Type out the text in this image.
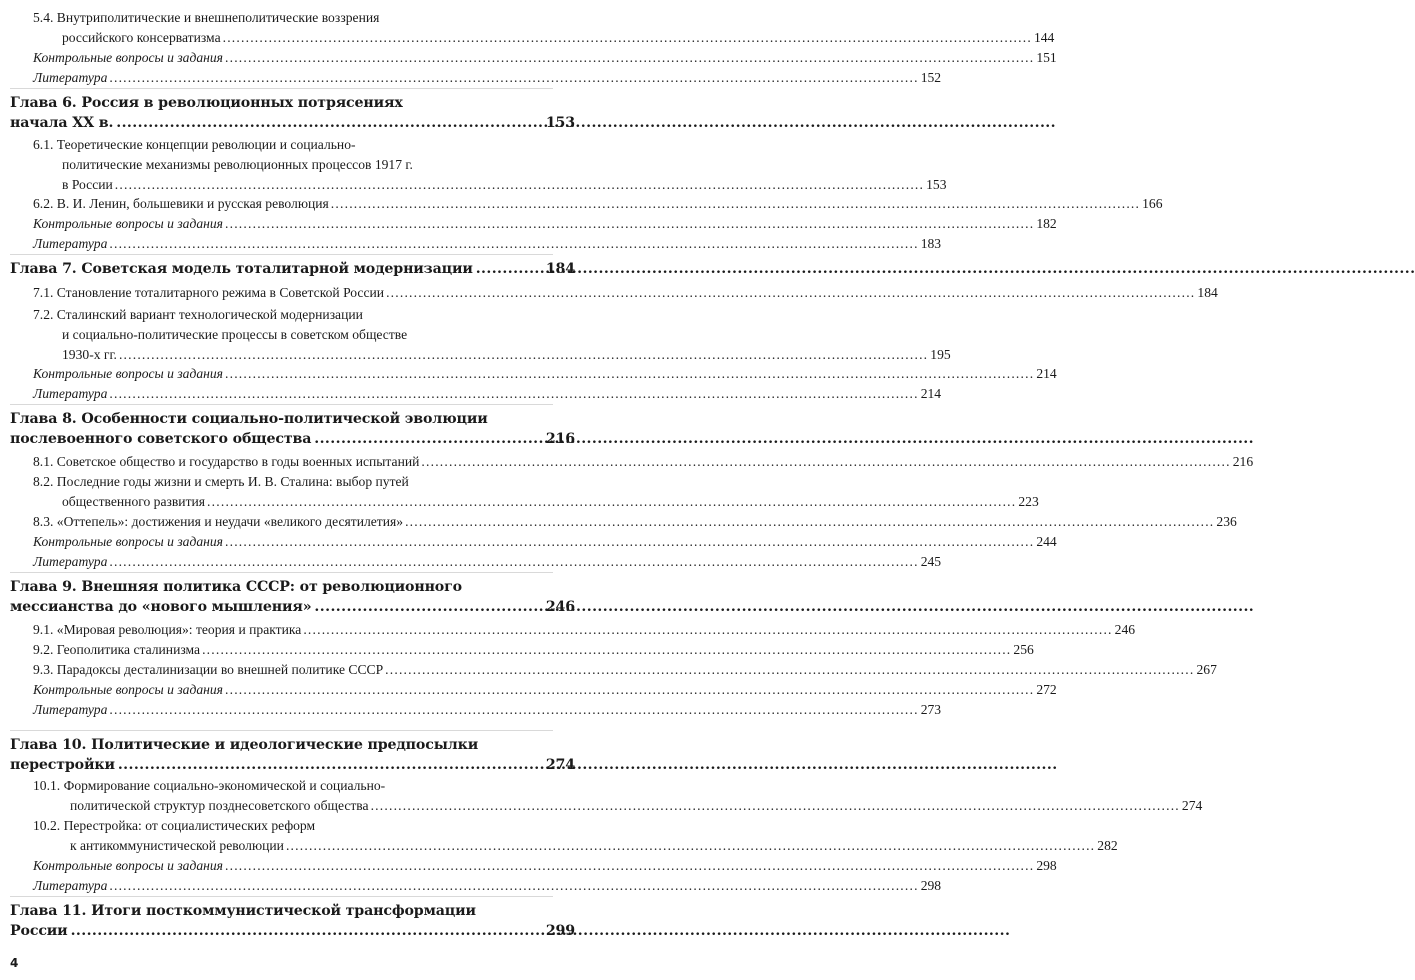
5.4. Внутриполитические и внешнеполитические воззрения
российского консерватизма .....	144
Контрольные вопросы и задания .....	151
Литература .....	152
Глава 6. Россия в революционных потрясениях
начала XX в. .....	153
6.1. Теоретические концепции революции и социально-
политические механизмы революционных процессов 1917 г.
в России .....	153
6.2. В. И. Ленин, большевики и русская революция .....	166
Контрольные вопросы и задания .....	182
Литература .....	183
Глава 7. Советская модель тоталитарной модернизации .....	184
7.1. Становление тоталитарного режима в Советской России .....	184
7.2. Сталинский вариант технологической модернизации
и социально-политические процессы в советском обществе
1930-х гг. .....	195
Контрольные вопросы и задания .....	214
Литература .....	214
Глава 8. Особенности социально-политической эволюции
послевоенного советского общества .....	216
8.1. Советское общество и государство в годы военных испытаний .....	216
8.2. Последние годы жизни и смерть И. В. Сталина: выбор путей
общественного развития .....	223
8.3. «Оттепель»: достижения и неудачи «великого десятилетия» .....	236
Контрольные вопросы и задания .....	244
Литература .....	245
Глава 9. Внешняя политика СССР: от революционного
мессианства до «нового мышления» .....	246
9.1. «Мировая революция»: теория и практика .....	246
9.2. Геополитика сталинизма .....	256
9.3. Парадоксы десталинизации во внешней политике СССР .....	267
Контрольные вопросы и задания .....	272
Литература .....	273
Глава 10. Политические и идеологические предпосылки
перестройки .....	274
10.1. Формирование социально-экономической и социально-
политической структур позднесоветского общества .....	274
10.2. Перестройка: от социалистических реформ
к антикоммунистической революции .....	282
Контрольные вопросы и задания .....	298
Литература .....	298
Глава 11. Итоги посткоммунистической трансформации
России .....	299
4
